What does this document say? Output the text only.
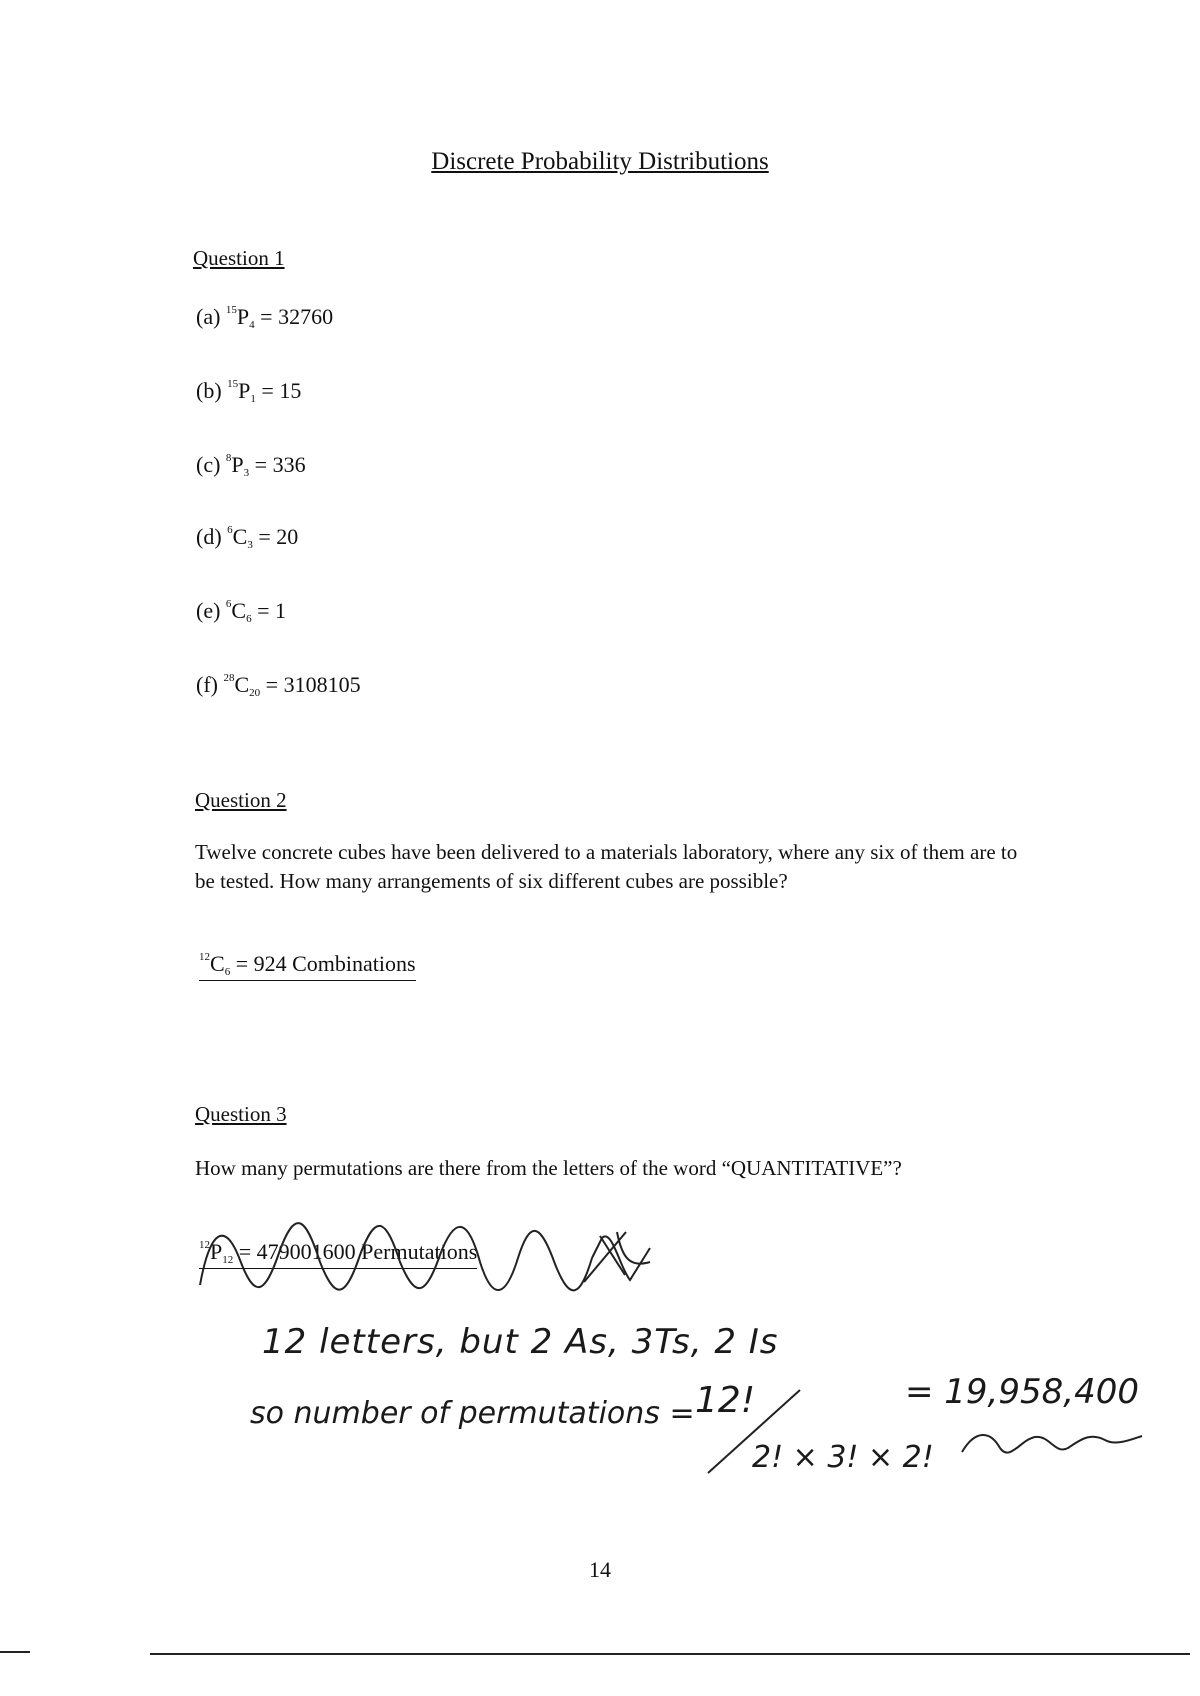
Discrete Probability Distributions
Question 1
(a) $^{15}P_4 = 32760$
(b) $^{15}P_1 = 15$
(c) $^8P_3 = 336$
(d) $^6C_3 = 20$
(e) $^6C_6 = 1$
(f) $^{28}C_{20} = 3108105$
Question 2
Twelve concrete cubes have been delivered to a materials laboratory, where any six of them are to be tested. How many arrangements of six different cubes are possible?
$^{12}C_6 = 924$ Combinations
Question 3
How many permutations are there from the letters of the word “QUANTITATIVE”?
$^{12}P_{12} = 479001600$ Permutations
12 letters, but 2 As, 3Ts, 2 Is
so number of permutations = 12!
2! × 3! × 2!
= 19,958,400
14
